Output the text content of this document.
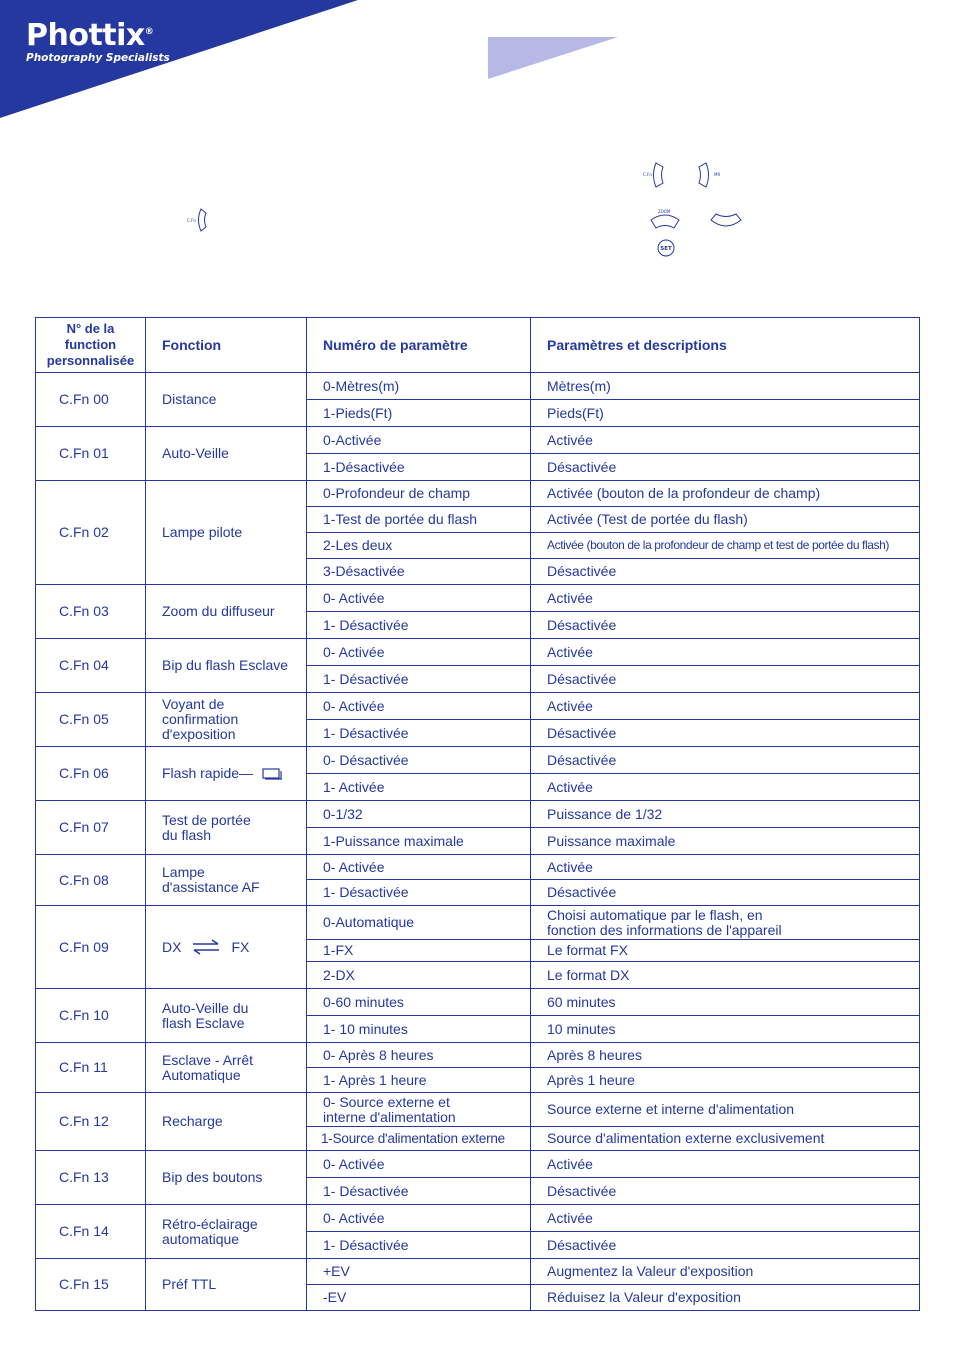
Phottix®
Photography Specialists
C.Fn
C.Fn	MR
ZOOM
SET
N° de la
function
personnalisée	Fonction	Numéro de paramètre	Paramètres et descriptions
C.Fn 00	Distance	0-Mètres(m)	Mètres(m)
		1-Pieds(Ft)	Pieds(Ft)
C.Fn 01	Auto-Veille	0-Activée	Activée
		1-Désactivée	Désactivée
C.Fn 02	Lampe pilote	0-Profondeur de champ	Activée (bouton de la profondeur de champ)
		1-Test de portée du flash	Activée (Test de portée du flash)
		2-Les deux	Activée (bouton de la profondeur de champ et test de portée du flash)
		3-Désactivée	Désactivée
C.Fn 03	Zoom du diffuseur	0- Activée	Activée
		1- Désactivée	Désactivée
C.Fn 04	Bip du flash Esclave	0- Activée	Activée
		1- Désactivée	Désactivée
C.Fn 05	Voyant de
confirmation
d'exposition	0- Activée	Activée
		1- Désactivée	Désactivée
C.Fn 06	Flash rapide—	0- Désactivée	Désactivée
		1- Activée	Activée
C.Fn 07	Test de portée
du flash	0-1/32	Puissance de 1/32
		1-Puissance maximale	Puissance maximale
C.Fn 08	Lampe
d'assistance AF	0- Activée	Activée
		1- Désactivée	Désactivée
C.Fn 09	DX FX	0-Automatique	Choisi automatique par le flash, en
fonction des informations de l'appareil
		1-FX	Le format FX
		2-DX	Le format DX
C.Fn 10	Auto-Veille du
flash Esclave	0-60 minutes	60 minutes
		1- 10 minutes	10 minutes
C.Fn 11	Esclave - Arrêt
Automatique	0- Après 8 heures	Après 8 heures
		1- Après 1 heure	Après 1 heure
C.Fn 12	Recharge	0- Source externe et
interne d'alimentation	Source externe et interne d'alimentation
		1-Source d'alimentation externe	Source d'alimentation externe exclusivement
C.Fn 13	Bip des boutons	0- Activée	Activée
		1- Désactivée	Désactivée
C.Fn 14	Rétro-éclairage
automatique	0- Activée	Activée
		1- Désactivée	Désactivée
C.Fn 15	Préf TTL	+EV	Augmentez la Valeur d'exposition
		-EV	Réduisez la Valeur d'exposition
